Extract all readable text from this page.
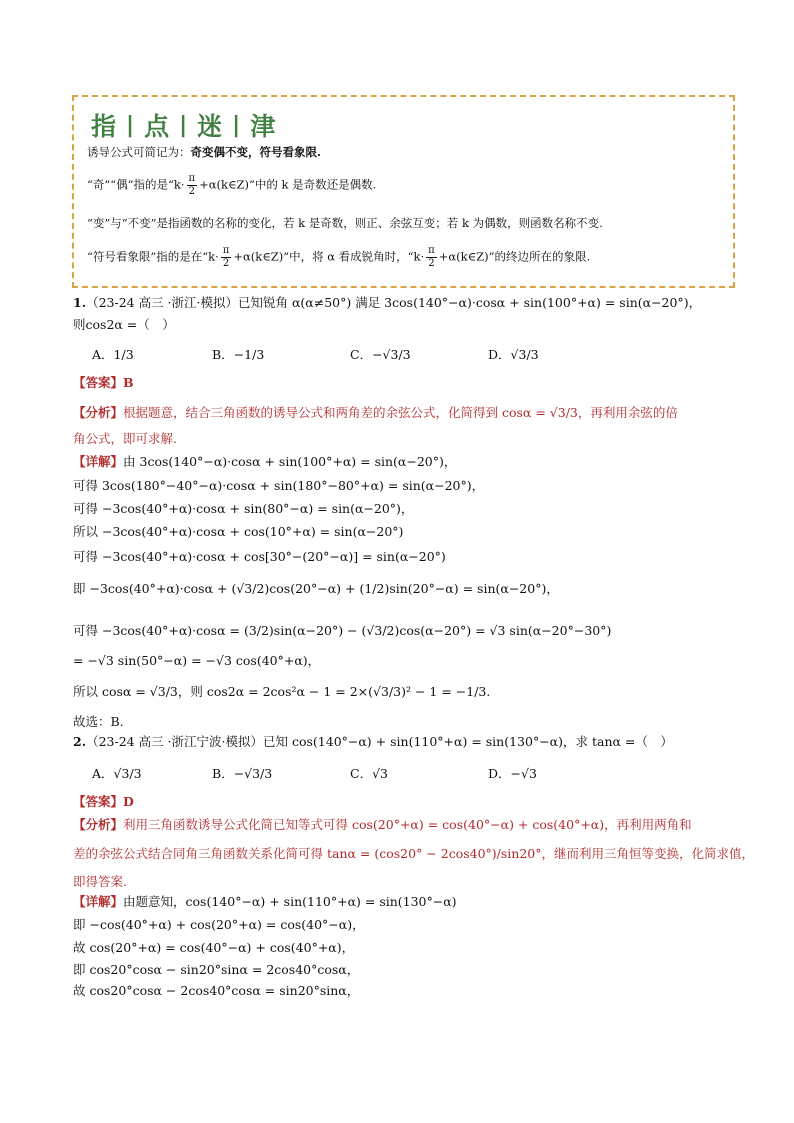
指 | 点 | 迷 | 津
诱导公式可简记为：奇变偶不变，符号看象限.
“奇”“偶”指的是“$k\cdot \frac{\pi}{2}$ +α(k∈Z)”中的 k 是奇数还是偶数.
“变”与“不变”是指函数的名称的变化，若 k 是奇数，则正、余弦互变；若 k 为偶数，则函数名称不变.
“符号看象限”指的是在“$k\cdot \frac{\pi}{2}$ +α(k∈Z)”中，将 α 看成锐角时，“$k\cdot \frac{\pi}{2}$ +α(k∈Z)”的终边所在的象限.
1.（23-24 高三 ·浙江·模拟）已知锐角 α(α≠50°) 满足 3cos(140°−α)·cosα + sin(100°+α) = sin(α−20°)，
则cos2α =（　）
A．1/3	B．−1/3	C．−√3/3	D．√3/3
【答案】B
【分析】根据题意，结合三角函数的诱导公式和两角差的余弦公式，化简得到 cosα = √3/3，再利用余弦的倍
角公式，即可求解.
【详解】由 3cos(140°−α)·cosα + sin(100°+α) = sin(α−20°)，
可得 3cos(180°−40°−α)·cosα + sin(180°−80°+α) = sin(α−20°)，
可得 −3cos(40°+α)·cosα + sin(80°−α) = sin(α−20°)，
所以 −3cos(40°+α)·cosα + cos(10°+α) = sin(α−20°)
可得 −3cos(40°+α)·cosα + cos[30°−(20°−α)] = sin(α−20°)
即 −3cos(40°+α)·cosα + (√3/2)cos(20°−α) + (1/2)sin(20°−α) = sin(α−20°)，
可得 −3cos(40°+α)·cosα = (3/2)sin(α−20°) − (√3/2)cos(α−20°) = √3 sin(α−20°−30°)
= −√3 sin(50°−α) = −√3 cos(40°+α)，
所以 cosα = √3/3，则 cos2α = 2cos²α − 1 = 2×(√3/3)² − 1 = −1/3.
故选：B.
2.（23-24 高三 ·浙江宁波·模拟）已知 cos(140°−α) + sin(110°+α) = sin(130°−α)，求 tanα =（　）
A．√3/3	B．−√3/3	C．√3	D．−√3
【答案】D
【分析】利用三角函数诱导公式化简已知等式可得 cos(20°+α) = cos(40°−α) + cos(40°+α)，再利用两角和
差的余弦公式结合同角三角函数关系化简可得 tanα = (cos20° − 2cos40°)/sin20°，继而利用三角恒等变换，化简求值，
即得答案.
【详解】由题意知，cos(140°−α) + sin(110°+α) = sin(130°−α)
即 −cos(40°+α) + cos(20°+α) = cos(40°−α)，
故 cos(20°+α) = cos(40°−α) + cos(40°+α)，
即 cos20°cosα − sin20°sinα = 2cos40°cosα，
故 cos20°cosα − 2cos40°cosα = sin20°sinα，
